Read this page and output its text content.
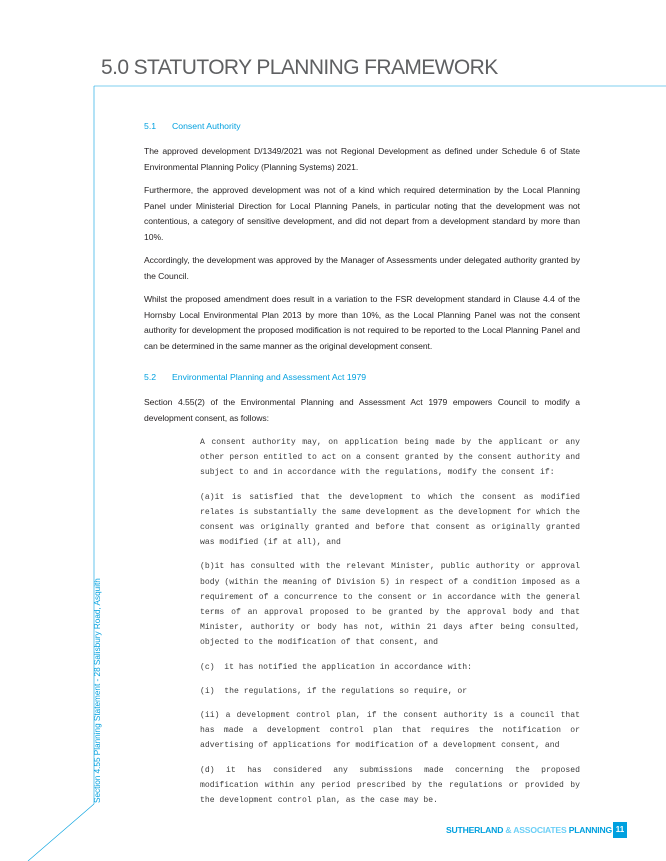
5.0 STATUTORY PLANNING FRAMEWORK
Section 4.55 Planning Statement - 28 Salisbury Road, Asquith
5.1 Consent Authority

The approved development D/1349/2021 was not Regional Development as defined under Schedule 6 of State Environmental Planning Policy (Planning Systems) 2021.

Furthermore, the approved development was not of a kind which required determination by the Local Planning Panel under Ministerial Direction for Local Planning Panels, in particular noting that the development was not contentious, a category of sensitive development, and did not depart from a development standard by more than 10%.

Accordingly, the development was approved by the Manager of Assessments under delegated authority granted by the Council.

Whilst the proposed amendment does result in a variation to the FSR development standard in Clause 4.4 of the Hornsby Local Environmental Plan 2013 by more than 10%, as the Local Planning Panel was not the consent authority for development the proposed modification is not required to be reported to the Local Planning Panel and can be determined in the same manner as the original development consent.

5.2 Environmental Planning and Assessment Act 1979

Section 4.55(2) of the Environmental Planning and Assessment Act 1979 empowers Council to modify a development consent, as follows:

A consent authority may, on application being made by the applicant or any other person entitled to act on a consent granted by the consent authority and subject to and in accordance with the regulations, modify the consent if:

(a)it is satisfied that the development to which the consent as modified relates is substantially the same development as the development for which the consent was originally granted and before that consent as originally granted was modified (if at all), and

(b)it has consulted with the relevant Minister, public authority or approval body (within the meaning of Division 5) in respect of a condition imposed as a requirement of a concurrence to the consent or in accordance with the general terms of an approval proposed to be granted by the approval body and that Minister, authority or body has not, within 21 days after being consulted, objected to the modification of that consent, and

(c)  it has notified the application in accordance with:

(i)  the regulations, if the regulations so require, or

(ii) a development control plan, if the consent authority is a council that has made a development control plan that requires the notification or advertising of applications for modification of a development consent, and

(d) it has considered any submissions made concerning the proposed modification within any period prescribed by the regulations or provided by the development control plan, as the case may be.

SUTHERLAND & ASSOCIATES PLANNING 11
